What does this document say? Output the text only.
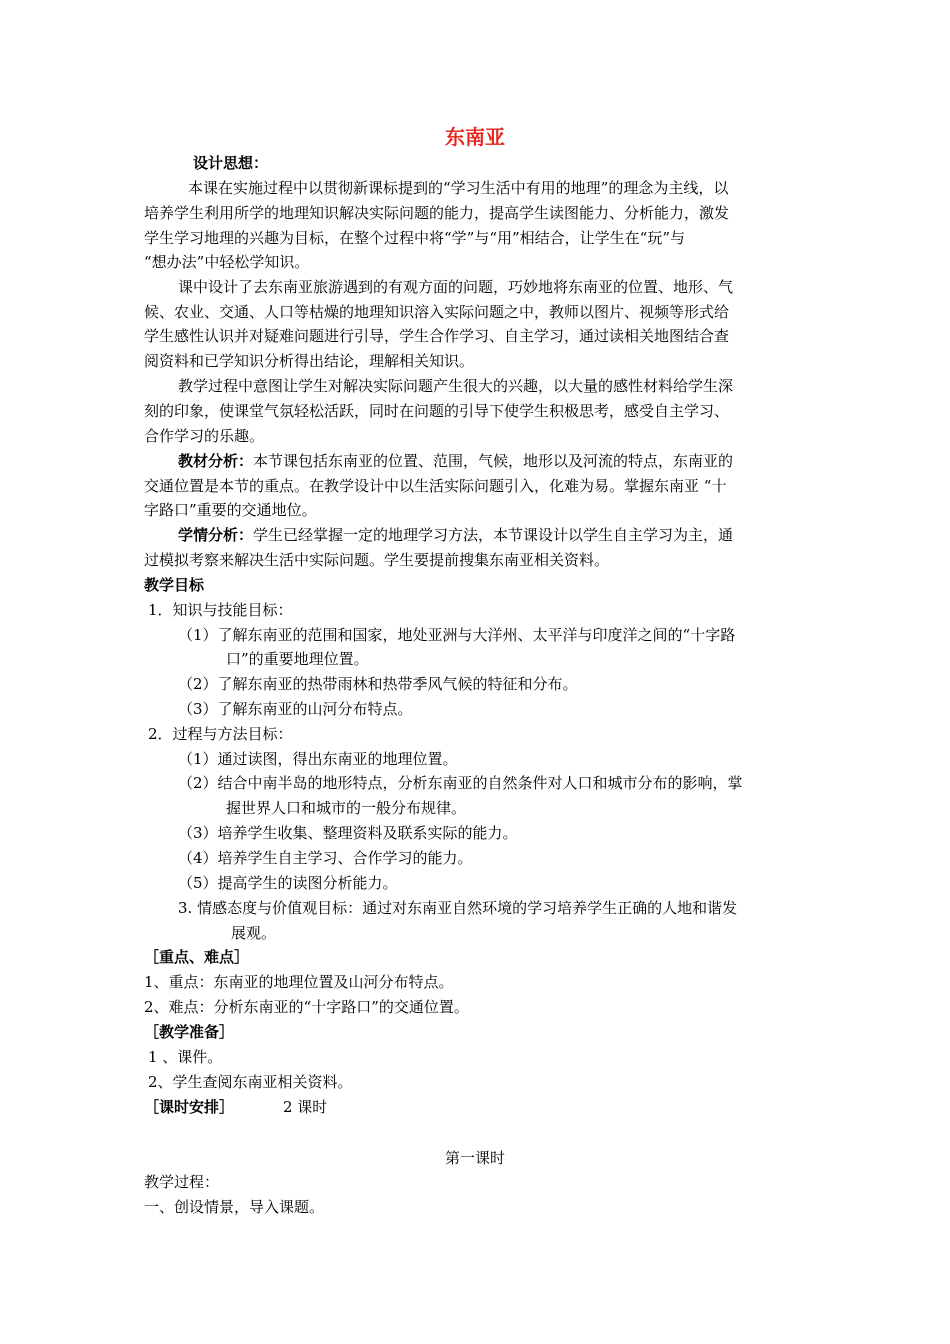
东南亚
设计思想：
本课在实施过程中以贯彻新课标提到的“学习生活中有用的地理”的理念为主线，以
培养学生利用所学的地理知识解决实际问题的能力，提高学生读图能力、分析能力，激发
学生学习地理的兴趣为目标，在整个过程中将“学”与“用”相结合，让学生在“玩”与
“想办法”中轻松学知识。
课中设计了去东南亚旅游遇到的有观方面的问题，巧妙地将东南亚的位置、地形、气
候、农业、交通、人口等枯燥的地理知识溶入实际问题之中，教师以图片、视频等形式给
学生感性认识并对疑难问题进行引导，学生合作学习、自主学习，通过读相关地图结合查
阅资料和已学知识分析得出结论，理解相关知识。
教学过程中意图让学生对解决实际问题产生很大的兴趣，以大量的感性材料给学生深
刻的印象，使课堂气氛轻松活跃，同时在问题的引导下使学生积极思考，感受自主学习、
合作学习的乐趣。
教材分析：本节课包括东南亚的位置、范围，气候，地形以及河流的特点，东南亚的
交通位置是本节的重点。在教学设计中以生活实际问题引入，化难为易。掌握东南亚 “十
字路口”重要的交通地位。
学情分析：学生已经掌握一定的地理学习方法，本节课设计以学生自主学习为主，通
过模拟考察来解决生活中实际问题。学生要提前搜集东南亚相关资料。
教学目标
1．知识与技能目标：
（1）了解东南亚的范围和国家，地处亚洲与大洋州、太平洋与印度洋之间的“十字路
口”的重要地理位置。
（2）了解东南亚的热带雨林和热带季风气候的特征和分布。
（3）了解东南亚的山河分布特点。
2．过程与方法目标：
（1）通过读图，得出东南亚的地理位置。
（2）结合中南半岛的地形特点，分析东南亚的自然条件对人口和城市分布的影响，掌
握世界人口和城市的一般分布规律。
（3）培养学生收集、整理资料及联系实际的能力。
（4）培养学生自主学习、合作学习的能力。
（5）提高学生的读图分析能力。
3. 情感态度与价值观目标：通过对东南亚自然环境的学习培养学生正确的人地和谐发
展观。
［重点、难点］
1、重点：东南亚的地理位置及山河分布特点。
2、难点：分析东南亚的“十字路口”的交通位置。
［教学准备］
1 、课件。
2、学生查阅东南亚相关资料。
［课时安排］	2 课时
第一课时
教学过程：
一、创设情景，导入课题。
